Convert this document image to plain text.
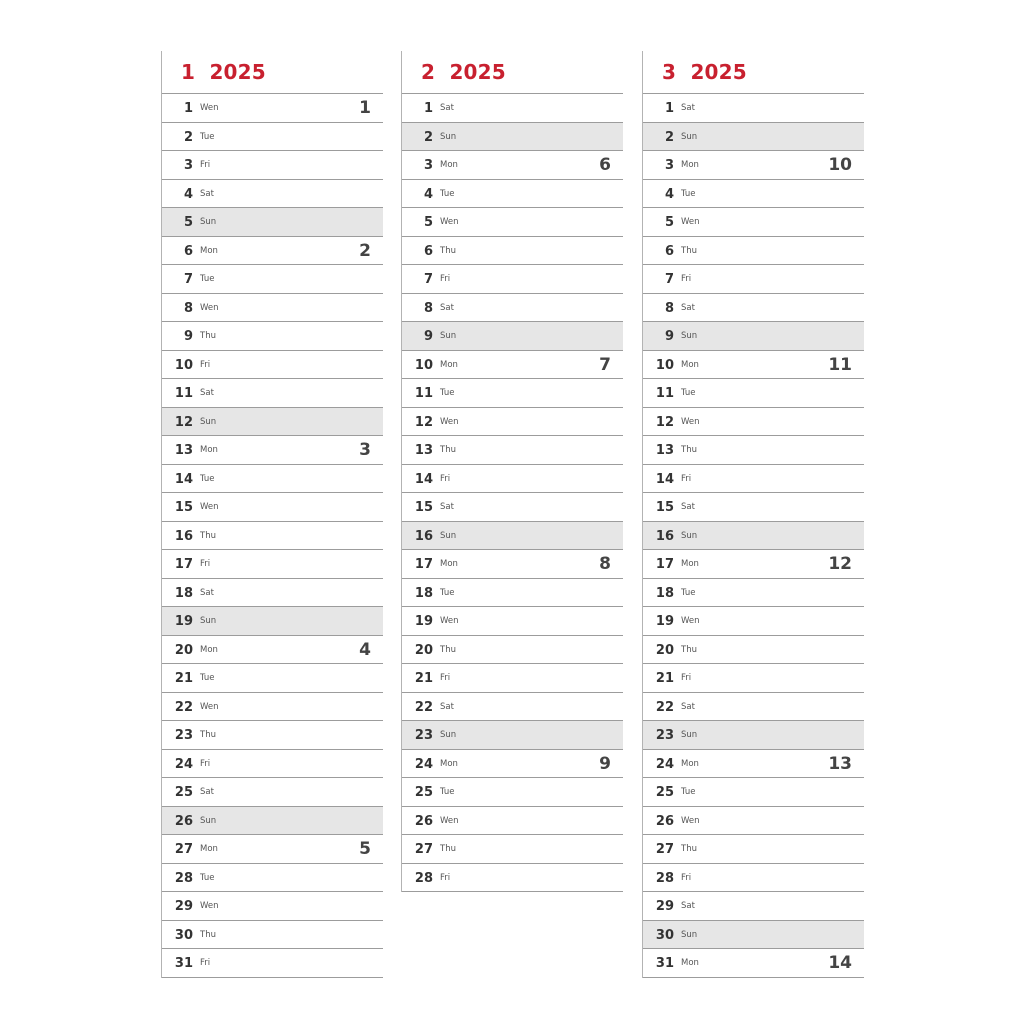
1  2025
1 Wen	1
2 Tue
3 Fri
4 Sat
5 Sun
6 Mon	2
7 Tue
8 Wen
9 Thu
10 Fri
11 Sat
12 Sun
13 Mon	3
14 Tue
15 Wen
16 Thu
17 Fri
18 Sat
19 Sun
20 Mon	4
21 Tue
22 Wen
23 Thu
24 Fri
25 Sat
26 Sun
27 Mon	5
28 Tue
29 Wen
30 Thu
31 Fri
2  2025
1 Sat
2 Sun
3 Mon	6
4 Tue
5 Wen
6 Thu
7 Fri
8 Sat
9 Sun
10 Mon	7
11 Tue
12 Wen
13 Thu
14 Fri
15 Sat
16 Sun
17 Mon	8
18 Tue
19 Wen
20 Thu
21 Fri
22 Sat
23 Sun
24 Mon	9
25 Tue
26 Wen
27 Thu
28 Fri
3  2025
1 Sat
2 Sun
3 Mon	10
4 Tue
5 Wen
6 Thu
7 Fri
8 Sat
9 Sun
10 Mon	11
11 Tue
12 Wen
13 Thu
14 Fri
15 Sat
16 Sun
17 Mon	12
18 Tue
19 Wen
20 Thu
21 Fri
22 Sat
23 Sun
24 Mon	13
25 Tue
26 Wen
27 Thu
28 Fri
29 Sat
30 Sun
31 Mon	14
